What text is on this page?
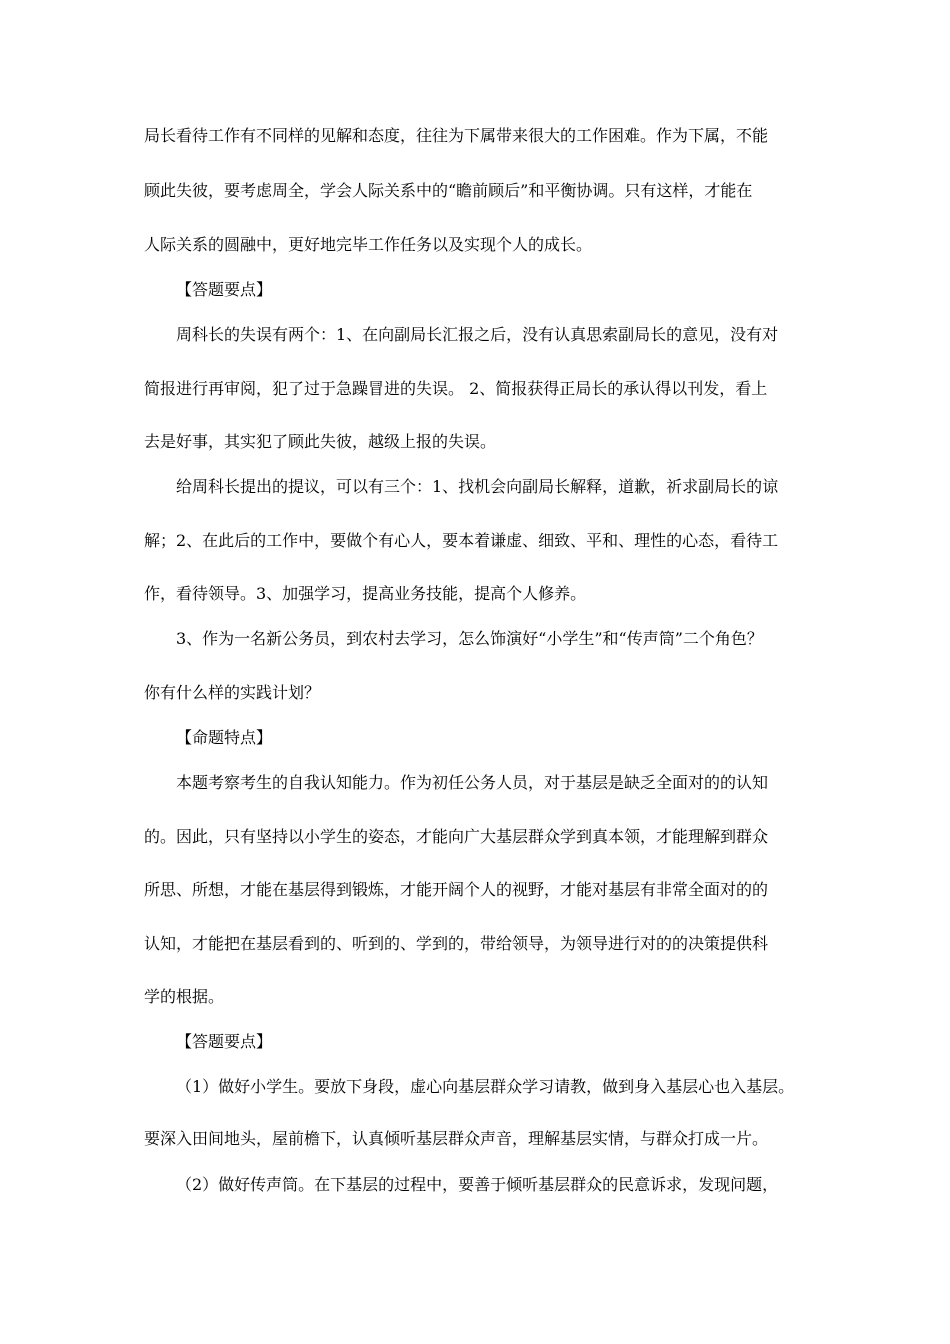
局长看待工作有不同样的见解和态度，往往为下属带来很大的工作困难。作为下属，不能
顾此失彼，要考虑周全，学会人际关系中的“瞻前顾后”和平衡协调。只有这样，才能在
人际关系的圆融中，更好地完毕工作任务以及实现个人的成长。
【答题要点】
周科长的失误有两个：1、在向副局长汇报之后，没有认真思索副局长的意见，没有对
简报进行再审阅，犯了过于急躁冒进的失误。 2、简报获得正局长的承认得以刊发，看上
去是好事，其实犯了顾此失彼，越级上报的失误。
给周科长提出的提议，可以有三个：1、找机会向副局长解释，道歉，祈求副局长的谅
解；2、在此后的工作中，要做个有心人，要本着谦虚、细致、平和、理性的心态，看待工
作，看待领导。3、加强学习，提高业务技能，提高个人修养。
3、作为一名新公务员，到农村去学习，怎么饰演好“小学生”和“传声筒”二个角色？
你有什么样的实践计划？
【命题特点】
本题考察考生的自我认知能力。作为初任公务人员，对于基层是缺乏全面对的的认知
的。因此，只有坚持以小学生的姿态，才能向广大基层群众学到真本领，才能理解到群众
所思、所想，才能在基层得到锻炼，才能开阔个人的视野，才能对基层有非常全面对的的
认知，才能把在基层看到的、听到的、学到的，带给领导，为领导进行对的的决策提供科
学的根据。
【答题要点】
（1）做好小学生。要放下身段，虚心向基层群众学习请教，做到身入基层心也入基层。
要深入田间地头，屋前檐下，认真倾听基层群众声音，理解基层实情，与群众打成一片。
（2）做好传声筒。在下基层的过程中，要善于倾听基层群众的民意诉求，发现问题，
